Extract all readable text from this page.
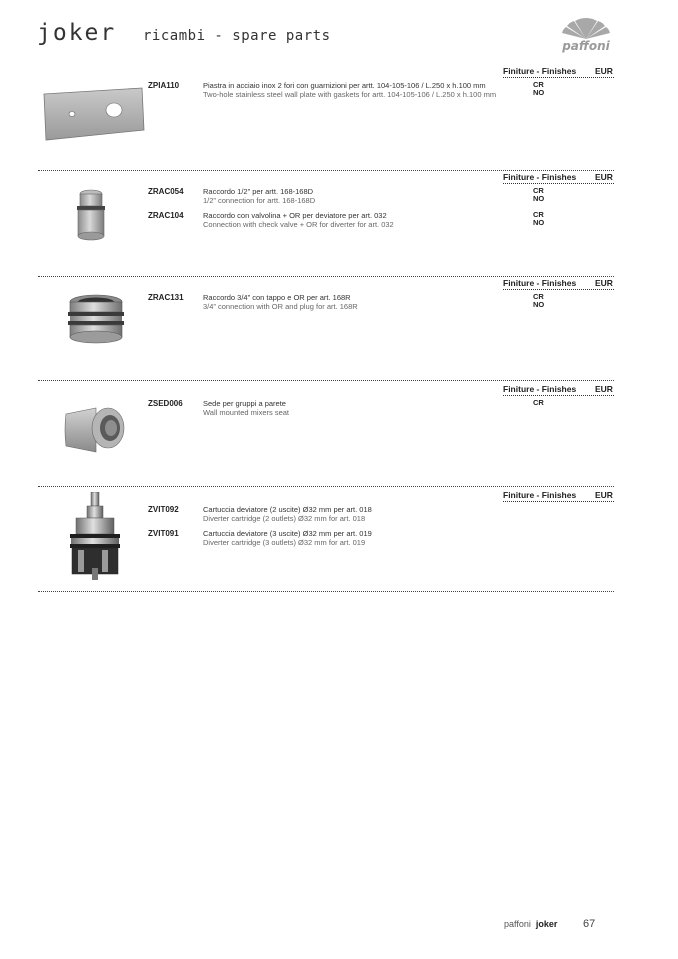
joker ricambi - spare parts
paffoni
Finiture - Finishes EUR
ZPIA110	Piastra in acciaio inox 2 fori con guarnizioni per artt. 104-105-106 / L.250 x h.100 mm
Two-hole stainless steel wall plate with gaskets for artt. 104-105-106 / L.250 x h.100 mm
CR
NO
Finiture - Finishes EUR
ZRAC054	Raccordo 1/2” per artt. 168-168D
1/2” connection for artt. 168-168D
CR
NO
ZRAC104	Raccordo con valvolina + OR per deviatore per art. 032
Connection with check valve + OR for diverter for art. 032
CR
NO
Finiture - Finishes EUR
ZRAC131	Raccordo 3/4” con tappo e OR per art. 168R
3/4” connection with OR and plug for art. 168R
CR
NO
Finiture - Finishes EUR
ZSED006	Sede per gruppi a parete
Wall mounted mixers seat
CR
Finiture - Finishes EUR
ZVIT092	Cartuccia deviatore (2 uscite) Ø32 mm per art. 018
Diverter cartridge (2 outlets) Ø32 mm for art. 018
ZVIT091	Cartuccia deviatore (3 uscite) Ø32 mm per art. 019
Diverter cartridge (3 outlets) Ø32 mm for art. 019
paffoni joker 67
